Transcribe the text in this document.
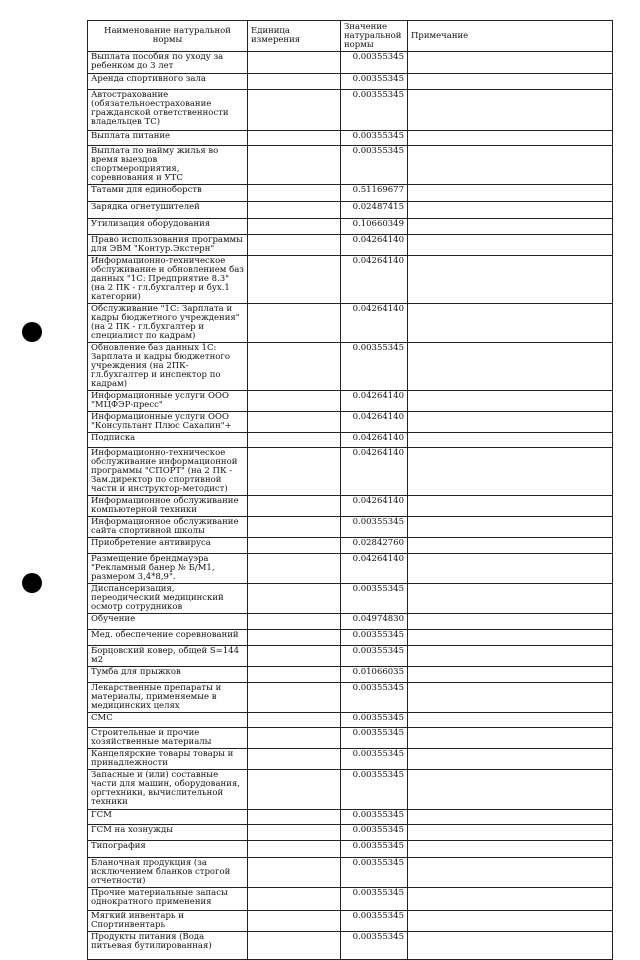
Наименование натуральной нормы	Единица измерения	Значение натуральной нормы	Примечание
Выплата пособия по уходу за ребенком до 3 лет		0.00355345	
Аренда спортивного зала		0.00355345	
Автострахование (обязательноестрахование гражданской ответственности владельцев ТС)		0.00355345	
Выплата питание		0.00355345	
Выплата по найму жилья во время выездов спортмероприятия, соревнования и УТС		0.00355345	
Татами для единоборств		0.51169677	
Зарядка огнетушителей		0.02487415	
Утилизация оборудования		0.10660349	
Право использования программы для ЭВМ "Контур.Экстерн"		0.04264140	
Информационно-техническое обслуживание и обновлением баз данных "1С: Предприятие 8.3" (на 2 ПК - гл.бухгалтер и бух.1 категории)		0.04264140	
Обслуживание "1С: Зарплата и кадры бюджетного учреждения" (на 2 ПК - гл.бухгалтер и специалист по кадрам)		0.04264140	
Обновление баз данных 1С: Зарплата и кадры бюджетного учреждения (на 2ПК- гл.бухгалтер и инспектор по кадрам)		0.00355345	
Информационные услуги ООО "МЦФЭР-пресс"		0.04264140	
Информационные услуги ООО "Консультант Плюс Сахалин"+		0.04264140	
Подписка		0.04264140	
Информационно-техническое обслуживание информационной программы "СПОРТ" (на 2 ПК - Зам.директор по спортивной части и инструктор-методист)		0.04264140	
Информационное обслуживание компьютерной техники		0.04264140	
Информационное обслуживание сайта спортивной школы		0.00355345	
Приобретение антивируса		0.02842760	
Размещение брендмауэра "Рекламный банер № Б/М1, размером 3,4*8,9".		0.04264140	
Диспансеризация, переодический медицинский осмотр сотрудников		0.00355345	
Обучение		0.04974830	
Мед. обеспечение соревнований		0.00355345	
Борцовский ковер, общей S=144 м2		0.00355345	
Тумба для прыжков		0.01066035	
Лекарственные препараты и материалы, применяемые в медицинских целях		0.00355345	
СМС		0.00355345	
Строительные и прочие хозяйственные материалы		0.00355345	
Канцелярские товары товары и принадлежности		0.00355345	
Запасные и (или) составные части для машин, оборудования, оргтехники, вычислительной техники		0.00355345	
ГСМ		0.00355345	
ГСМ на хознужды		0.00355345	
Типография		0.00355345	
Бланочная продукция (за исключением бланков строгой отчетности)		0.00355345	
Прочие материальные запасы однократного применения		0.00355345	
Мягкий инвентарь и Спортинвентарь		0.00355345	
Продукты питания (Вода питьевая бутилированная)		0.00355345	
